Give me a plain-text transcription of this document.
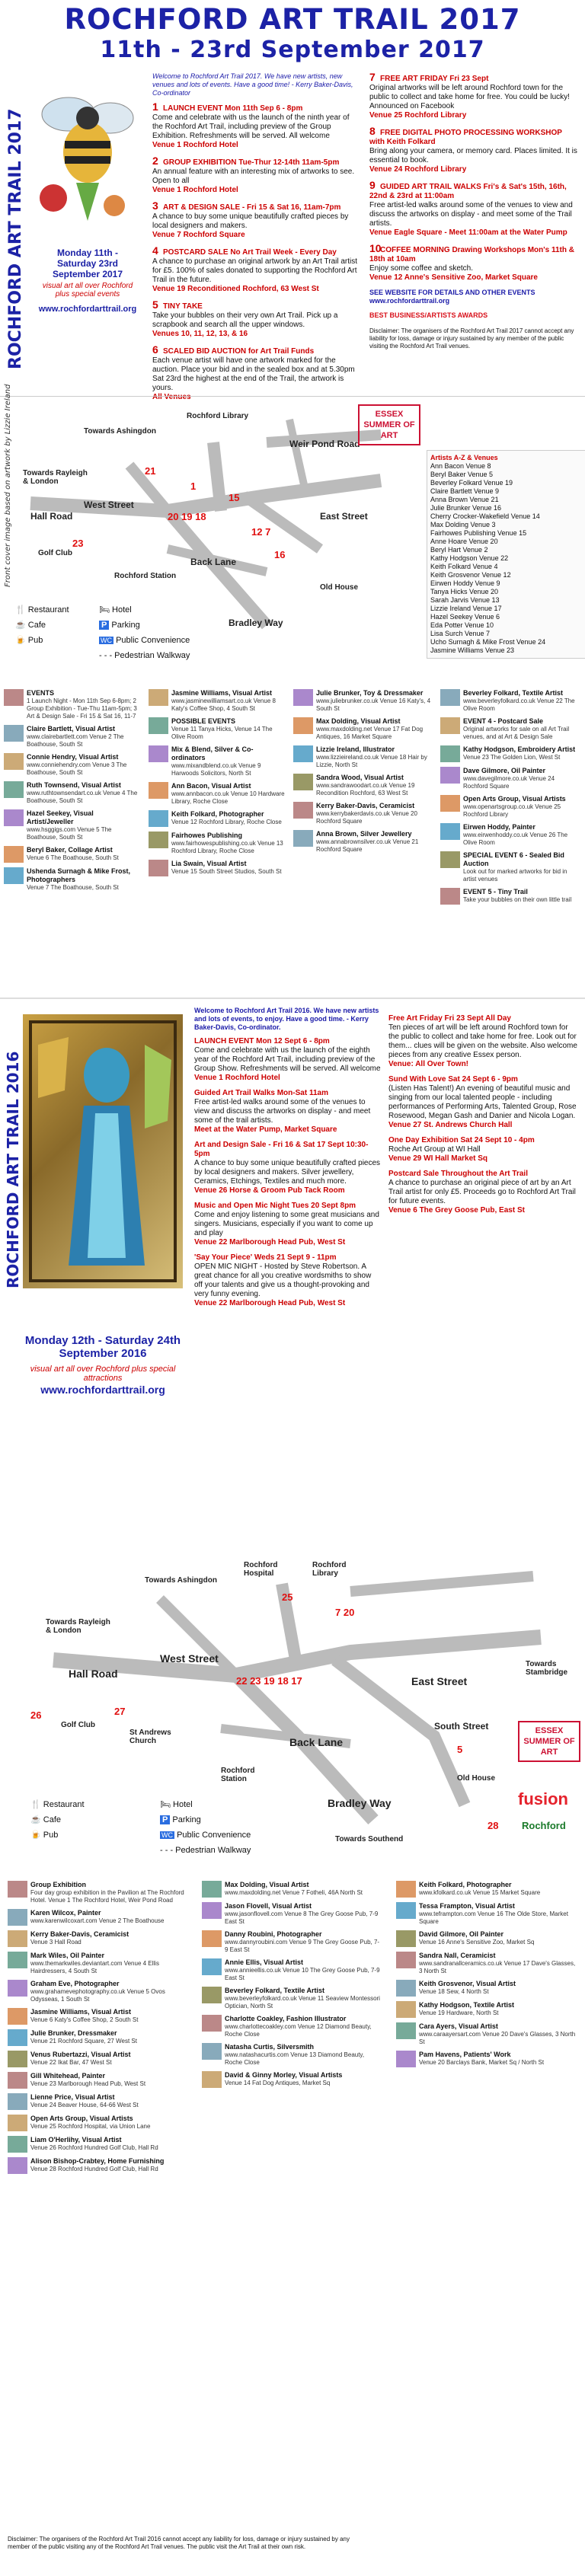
ROCHFORD ART TRAIL 2017
11th - 23rd September 2017
ROCHFORD ART TRAIL 2017	Monday 11th - Saturday 23rd September 2017
visual art all over Rochford plus special events
www.rochfordarttrail.org
Welcome to Rochford Art Trail 2017. We have new artists, new venues and lots of events. Have a good time! - Kerry Baker-Davis, Co-ordinator
1 LAUNCH EVENT Mon 11th Sep 6 - 8pm
Come and celebrate with us the launch of the ninth year of the Rochford Art Trail, including preview of the Group Exhibition. Refreshments will be served. All welcome
Venue 1 Rochford Hotel
2 GROUP EXHIBITION Tue-Thur 12-14th 11am-5pm
An annual feature with an interesting mix of artworks to see. Open to all
Venue 1 Rochford Hotel
3 ART & DESIGN SALE - Fri 15 & Sat 16, 11am-7pm
A chance to buy some unique beautifully crafted pieces by local designers and makers.
Venue 7 Rochford Square
4 POSTCARD SALE No Art Trail Week - Every Day
A chance to purchase an original artwork by an Art Trail artist for £5. 100% of sales donated to supporting the Rochford Art Trail in the future.
Venue 19 Reconditioned Rochford, 63 West St
5 TINY TAKE
Take your bubbles on their very own Art Trail. Pick up a scrapbook and search all the upper windows.
Venues 10, 11, 12, 13, & 16
6 SCALED BID AUCTION for Art Trail Funds
Each venue artist will have one artwork marked for the auction. Place your bid and in the sealed box and at 5.30pm Sat 23rd the highest at the end of the Trail, the artwork is yours.
All Venues
7 FREE ART FRIDAY Fri 23 Sept
Original artworks will be left around Rochford town for the public to collect and take home for free. You could be lucky! Announced on Facebook
Venue 25 Rochford Library
8 FREE DIGITAL PHOTO PROCESSING WORKSHOP with Keith Folkard
Bring along your camera, or memory card. Places limited. It is essential to book.
Venue 24 Rochford Library
9 GUIDED ART TRAIL WALKS Fri's & Sat's 15th, 16th, 22nd & 23rd at 11:00am
Free artist-led walks around some of the venues to view and discuss the artworks on display - and meet some of the Trail artists.
Venue Eagle Square - Meet 11:00am at the Water Pump
10COFFEE MORNING Drawing Workshops Mon's 11th & 18th at 10am
Enjoy some coffee and sketch.
Venue 12 Anne's Sensitive Zoo, Market Square
SEE WEBSITE FOR DETAILS AND OTHER EVENTS www.rochfordarttrail.org
BEST BUSINESS/ARTISTS AWARDS
Disclaimer: The organisers of the Rochford Art Trail 2017 cannot accept any liability for loss, damage or injury sustained by any member of the public visiting the Rochford Art Trail venues.
Front cover image based on artwork by Lizzie Ireland	West Street
East Street
Weir Pond Road
Back Lane
Bradley Way
Hall Road
Rochford Library
Rochford Station
Golf Club
Old House
Towards Ashingdon
Towards Rayleigh & London	1
15
20 19 18
21
23
16
12 7
🍴 Restaurant
☕ Cafe
🍺 Pub
🛏 Hotel
P Parking
WC Public Convenience
- - - Pedestrian Walkway
ESSEX SUMMER OF ART
Artists A-Z & Venues
Ann Bacon Venue 8
Beryl Baker Venue 5
Beverley Folkard Venue 19
Claire Bartlett Venue 9
Anna Brown Venue 21
Julie Brunker Venue 16
Cherry Crocker-Wakefield Venue 14
Max Dolding Venue 3
Fairhowes Publishing Venue 15
Anne Hoare Venue 20
Beryl Hart Venue 2
Kathy Hodgson Venue 22
Keith Folkard Venue 4
Keith Grosvenor Venue 12
Eirwen Hoddy Venue 9
Tanya Hicks Venue 20
Sarah Jarvis Venue 13
Lizzie Ireland Venue 17
Hazel Seekey Venue 6
Eda Potter Venue 10
Lisa Surch Venue 7
Ucho Surnagh & Mike Frost Venue 24
Jasmine Williams Venue 23
EVENTS
1 Launch Night - Mon 11th Sep 6-8pm; 2 Group Exhibition - Tue-Thu 11am-5pm; 3 Art & Design Sale - Fri 15 & Sat 16, 11-7
Claire Bartlett, Visual Artist
www.clairebartlett.com Venue 2 The Boathouse, South St
Connie Hendry, Visual Artist
www.conniehendry.com Venue 3 The Boathouse, South St
Ruth Townsend, Visual Artist
www.ruthtownsendart.co.uk Venue 4 The Boathouse, South St
Hazel Seekey, Visual Artist/Jeweller
www.hsggigs.com Venue 5 The Boathouse, South St
Beryl Baker, Collage Artist
Venue 6 The Boathouse, South St
Ushenda Surnagh & Mike Frost, Photographers
Venue 7 The Boathouse, South St
Jasmine Williams, Visual Artist
www.jasminewilliamsart.co.uk Venue 8 Katy's Coffee Shop, 4 South St
POSSIBLE EVENTS
Venue 11 Tanya Hicks, Venue 14 The Olive Room
Mix & Blend, Silver & Co-ordinators
www.mixandblend.co.uk Venue 9 Harwoods Solicitors, North St
Ann Bacon, Visual Artist
www.annbacon.co.uk Venue 10 Hardware Library, Roche Close
Keith Folkard, Photographer
Venue 12 Rochford Library, Roche Close
Fairhowes Publishing
www.fairhowespublishing.co.uk Venue 13 Rochford Library, Roche Close
Lia Swain, Visual Artist
Venue 15 South Street Studios, South St
Julie Brunker, Toy & Dressmaker
www.juliebrunker.co.uk Venue 16 Katy's, 4 South St
Max Dolding, Visual Artist
www.maxdolding.net Venue 17 Fat Dog Antiques, 16 Market Square
Lizzie Ireland, Illustrator
www.lizzieireland.co.uk Venue 18 Hair by Lizzie, North St
Sandra Wood, Visual Artist
www.sandrawoodart.co.uk Venue 19 Recondition Rochford, 63 West St
Kerry Baker-Davis, Ceramicist
www.kerrybakerdavis.co.uk Venue 20 Rochford Square
Anna Brown, Silver Jewellery
www.annabrownsilver.co.uk Venue 21 Rochford Square
Beverley Folkard, Textile Artist
www.beverleyfolkard.co.uk Venue 22 The Olive Room
EVENT 4 - Postcard Sale
Original artworks for sale on all Art Trail venues, and at Art & Design Sale
Kathy Hodgson, Embroidery Artist
Venue 23 The Golden Lion, West St
Dave Gilmore, Oil Painter
www.davegilmore.co.uk Venue 24 Rochford Square
Open Arts Group, Visual Artists
www.openartsgroup.co.uk Venue 25 Rochford Library
Eirwen Hoddy, Painter
www.eirwenhoddy.co.uk Venue 26 The Olive Room
SPECIAL EVENT 6 - Sealed Bid Auction
Look out for marked artworks for bid in artist venues
EVENT 5 - Tiny Trail
Take your bubbles on their own little trail
ROCHFORD ART TRAIL 2016
Monday 12th - Saturday 24th September 2016
visual art all over Rochford plus special attractions
www.rochfordarttrail.org
Welcome to Rochford Art Trail 2016. We have new artists and lots of events, to enjoy. Have a good time. - Kerry Baker-Davis, Co-ordinator.
LAUNCH EVENT Mon 12 Sept 6 - 8pm
Come and celebrate with us the launch of the eighth year of the Rochford Art Trail, including preview of the Group Show. Refreshments will be served. All welcome
Venue 1 Rochford Hotel
Guided Art Trail Walks Mon-Sat 11am
Free artist-led walks around some of the venues to view and discuss the artworks on display - and meet some of the trail artists.
Meet at the Water Pump, Market Square
Art and Design Sale - Fri 16 & Sat 17 Sept 10:30-5pm
A chance to buy some unique beautifully crafted pieces by local designers and makers. Silver jewellery, Ceramics, Etchings, Textiles and much more.
Venue 26 Horse & Groom Pub Tack Room
Music and Open Mic Night Tues 20 Sept 8pm
Come and enjoy listening to some great musicians and singers. Musicians, especially if you want to come up and play
Venue 22 Marlborough Head Pub, West St
'Say Your Piece' Weds 21 Sept 9 - 11pm
OPEN MIC NIGHT - Hosted by Steve Robertson. A great chance for all you creative wordsmiths to show off your talents and give us a thought-provoking and very funny evening.
Venue 22 Marlborough Head Pub, West St
Free Art Friday Fri 23 Sept All Day
Ten pieces of art will be left around Rochford town for the public to collect and take home for free. Look out for them... clues will be given on the website. Also welcome pieces from any creative Essex person.
Venue: All Over Town!
Sund With Love Sat 24 Sept 6 - 9pm
(Listen Has Talent!) An evening of beautiful music and singing from our local talented people - including performances of Performing Arts, Talented Group, Rose Rosewood, Megan Gash and Danier and Nicola Logan.
Venue 27 St. Andrews Church Hall
One Day Exhibition Sat 24 Sept 10 - 4pm
Roche Art Group at WI Hall
Venue 29 WI Hall Market Sq
Postcard Sale Throughout the Art Trail
A chance to purchase an original piece of art by an Art Trail artist for only £5. Proceeds go to Rochford Art Trail for future events.
Venue 6 The Grey Goose Pub, East St
West Street
East Street
Back Lane
Bradley Way
Hall Road
South Street
Rochford Hospital
Rochford Library
Rochford Station
Golf Club
Old House
St Andrews Church
Towards Ashingdon
Towards Rayleigh & London
Towards Southend
Towards Stambridge
25
7 20
22 23 19 18 17
26	27
5
28
🍴 Restaurant
☕ Cafe
🍺 Pub
🛏 Hotel
P Parking
WC Public Convenience
- - - Pedestrian Walkway
ESSEX SUMMER OF ART
fusion
Rochford
Group Exhibition
Four day group exhibition in the Pavilion at The Rochford Hotel. Venue 1 The Rochford Hotel, Weir Pond Road
Karen Wilcox, Painter
www.karenwilcoxart.com Venue 2 The Boathouse
Kerry Baker-Davis, Ceramicist
Venue 3 Hall Road
Mark Wiles, Oil Painter
www.themarkwiles.deviantart.com Venue 4 Ellis Hairdressers, 4 South St
Graham Eve, Photographer
www.grahamevephotography.co.uk Venue 5 Ovos Odysseas, 1 South St
Jasmine Williams, Visual Artist
Venue 6 Katy's Coffee Shop, 2 South St
Julie Brunker, Dressmaker
Venue 21 Rochford Square, 27 West St
Venus Rubertazzi, Visual Artist
Venue 22 Ikat Bar, 47 West St
Gill Whitehead, Painter
Venue 23 Marlborough Head Pub, West St
Lienne Price, Visual Artist
Venue 24 Beaver House, 64-66 West St
Open Arts Group, Visual Artists
Venue 25 Rochford Hospital, via Union Lane
Liam O'Herlihy, Visual Artist
Venue 26 Rochford Hundred Golf Club, Hall Rd
Alison Bishop-Crabtey, Home Furnishing
Venue 28 Rochford Hundred Golf Club, Hall Rd
Max Dolding, Visual Artist
www.maxdolding.net Venue 7 Fotheli, 46A North St
Jason Flovell, Visual Artist
www.jasonflovell.com Venue 8 The Grey Goose Pub, 7-9 East St
Danny Roubini, Photographer
www.dannyroubini.com Venue 9 The Grey Goose Pub, 7-9 East St
Annie Ellis, Visual Artist
www.annieellis.co.uk Venue 10 The Grey Goose Pub, 7-9 East St
Beverley Folkard, Textile Artist
www.beverleyfolkard.co.uk Venue 11 Seaview Montessori Optician, North St
Charlotte Coakley, Fashion Illustrator
www.charlottecoakley.com Venue 12 Diamond Beauty, Roche Close
Natasha Curtis, Silversmith
www.natashacurtis.com Venue 13 Diamond Beauty, Roche Close
David & Ginny Morley, Visual Artists
Venue 14 Fat Dog Antiques, Market Sq
Keith Folkard, Photographer
www.kfolkard.co.uk Venue 15 Market Square
Tessa Frampton, Visual Artist
www.teframpton.com Venue 16 The Olde Store, Market Square
David Gilmore, Oil Painter
Venue 16 Anne's Sensitive Zoo, Market Sq
Sandra Nall, Ceramicist
www.sandranallceramics.co.uk Venue 17 Dave's Glasses, 3 North St
Keith Grosvenor, Visual Artist
Venue 18 Sew, 4 North St
Kathy Hodgson, Textile Artist
Venue 19 Hardware, North St
Cara Ayers, Visual Artist
www.caraayersart.com Venue 20 Dave's Glasses, 3 North St
Pam Havens, Patients' Work
Venue 20 Barclays Bank, Market Sq / North St
Disclaimer: The organisers of the Rochford Art Trail 2016 cannot accept any liability for loss, damage or injury sustained by any member of the public visiting any of the Rochford Art Trail venues. The public visit the Art Trail at their own risk.
